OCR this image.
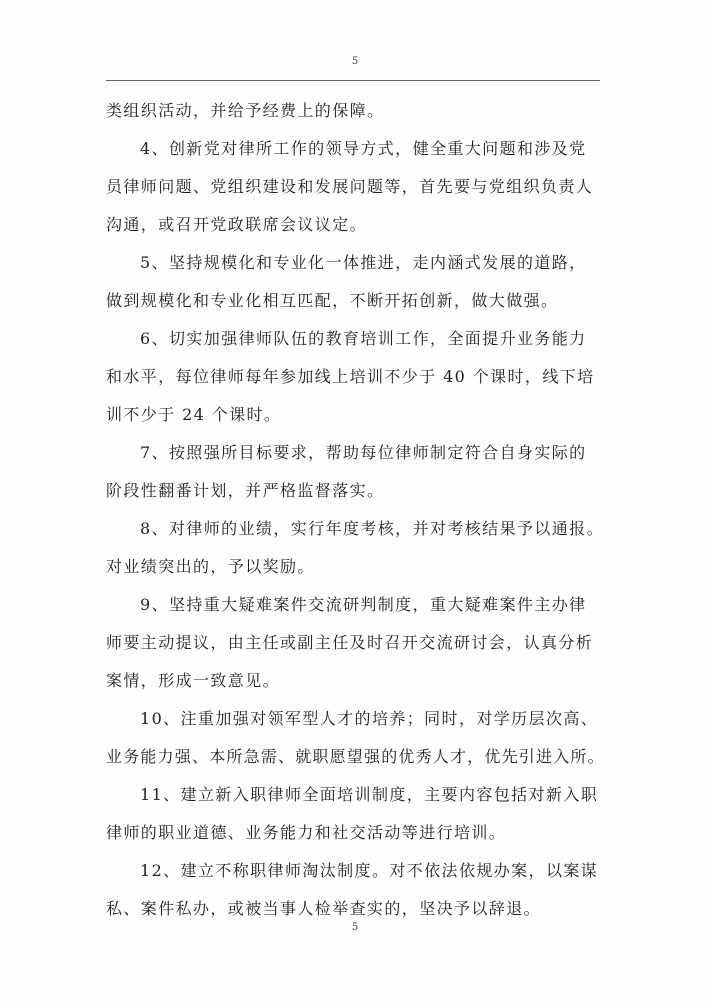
5
类组织活动，并给予经费上的保障。
4、创新党对律所工作的领导方式，健全重大问题和涉及党
员律师问题、党组织建设和发展问题等，首先要与党组织负责人
沟通，或召开党政联席会议议定。
5、坚持规模化和专业化一体推进，走内涵式发展的道路，
做到规模化和专业化相互匹配，不断开拓创新，做大做强。
6、切实加强律师队伍的教育培训工作，全面提升业务能力
和水平，每位律师每年参加线上培训不少于 40 个课时，线下培
训不少于 24 个课时。
7、按照强所目标要求，帮助每位律师制定符合自身实际的
阶段性翻番计划，并严格监督落实。
8、对律师的业绩，实行年度考核，并对考核结果予以通报。
对业绩突出的，予以奖励。
9、坚持重大疑难案件交流研判制度，重大疑难案件主办律
师要主动提议，由主任或副主任及时召开交流研讨会，认真分析
案情，形成一致意见。
10、注重加强对领军型人才的培养；同时，对学历层次高、
业务能力强、本所急需、就职愿望强的优秀人才，优先引进入所。
11、建立新入职律师全面培训制度，主要内容包括对新入职
律师的职业道德、业务能力和社交活动等进行培训。
12、建立不称职律师淘汰制度。对不依法依规办案，以案谋
私、案件私办，或被当事人检举查实的，坚决予以辞退。
5
